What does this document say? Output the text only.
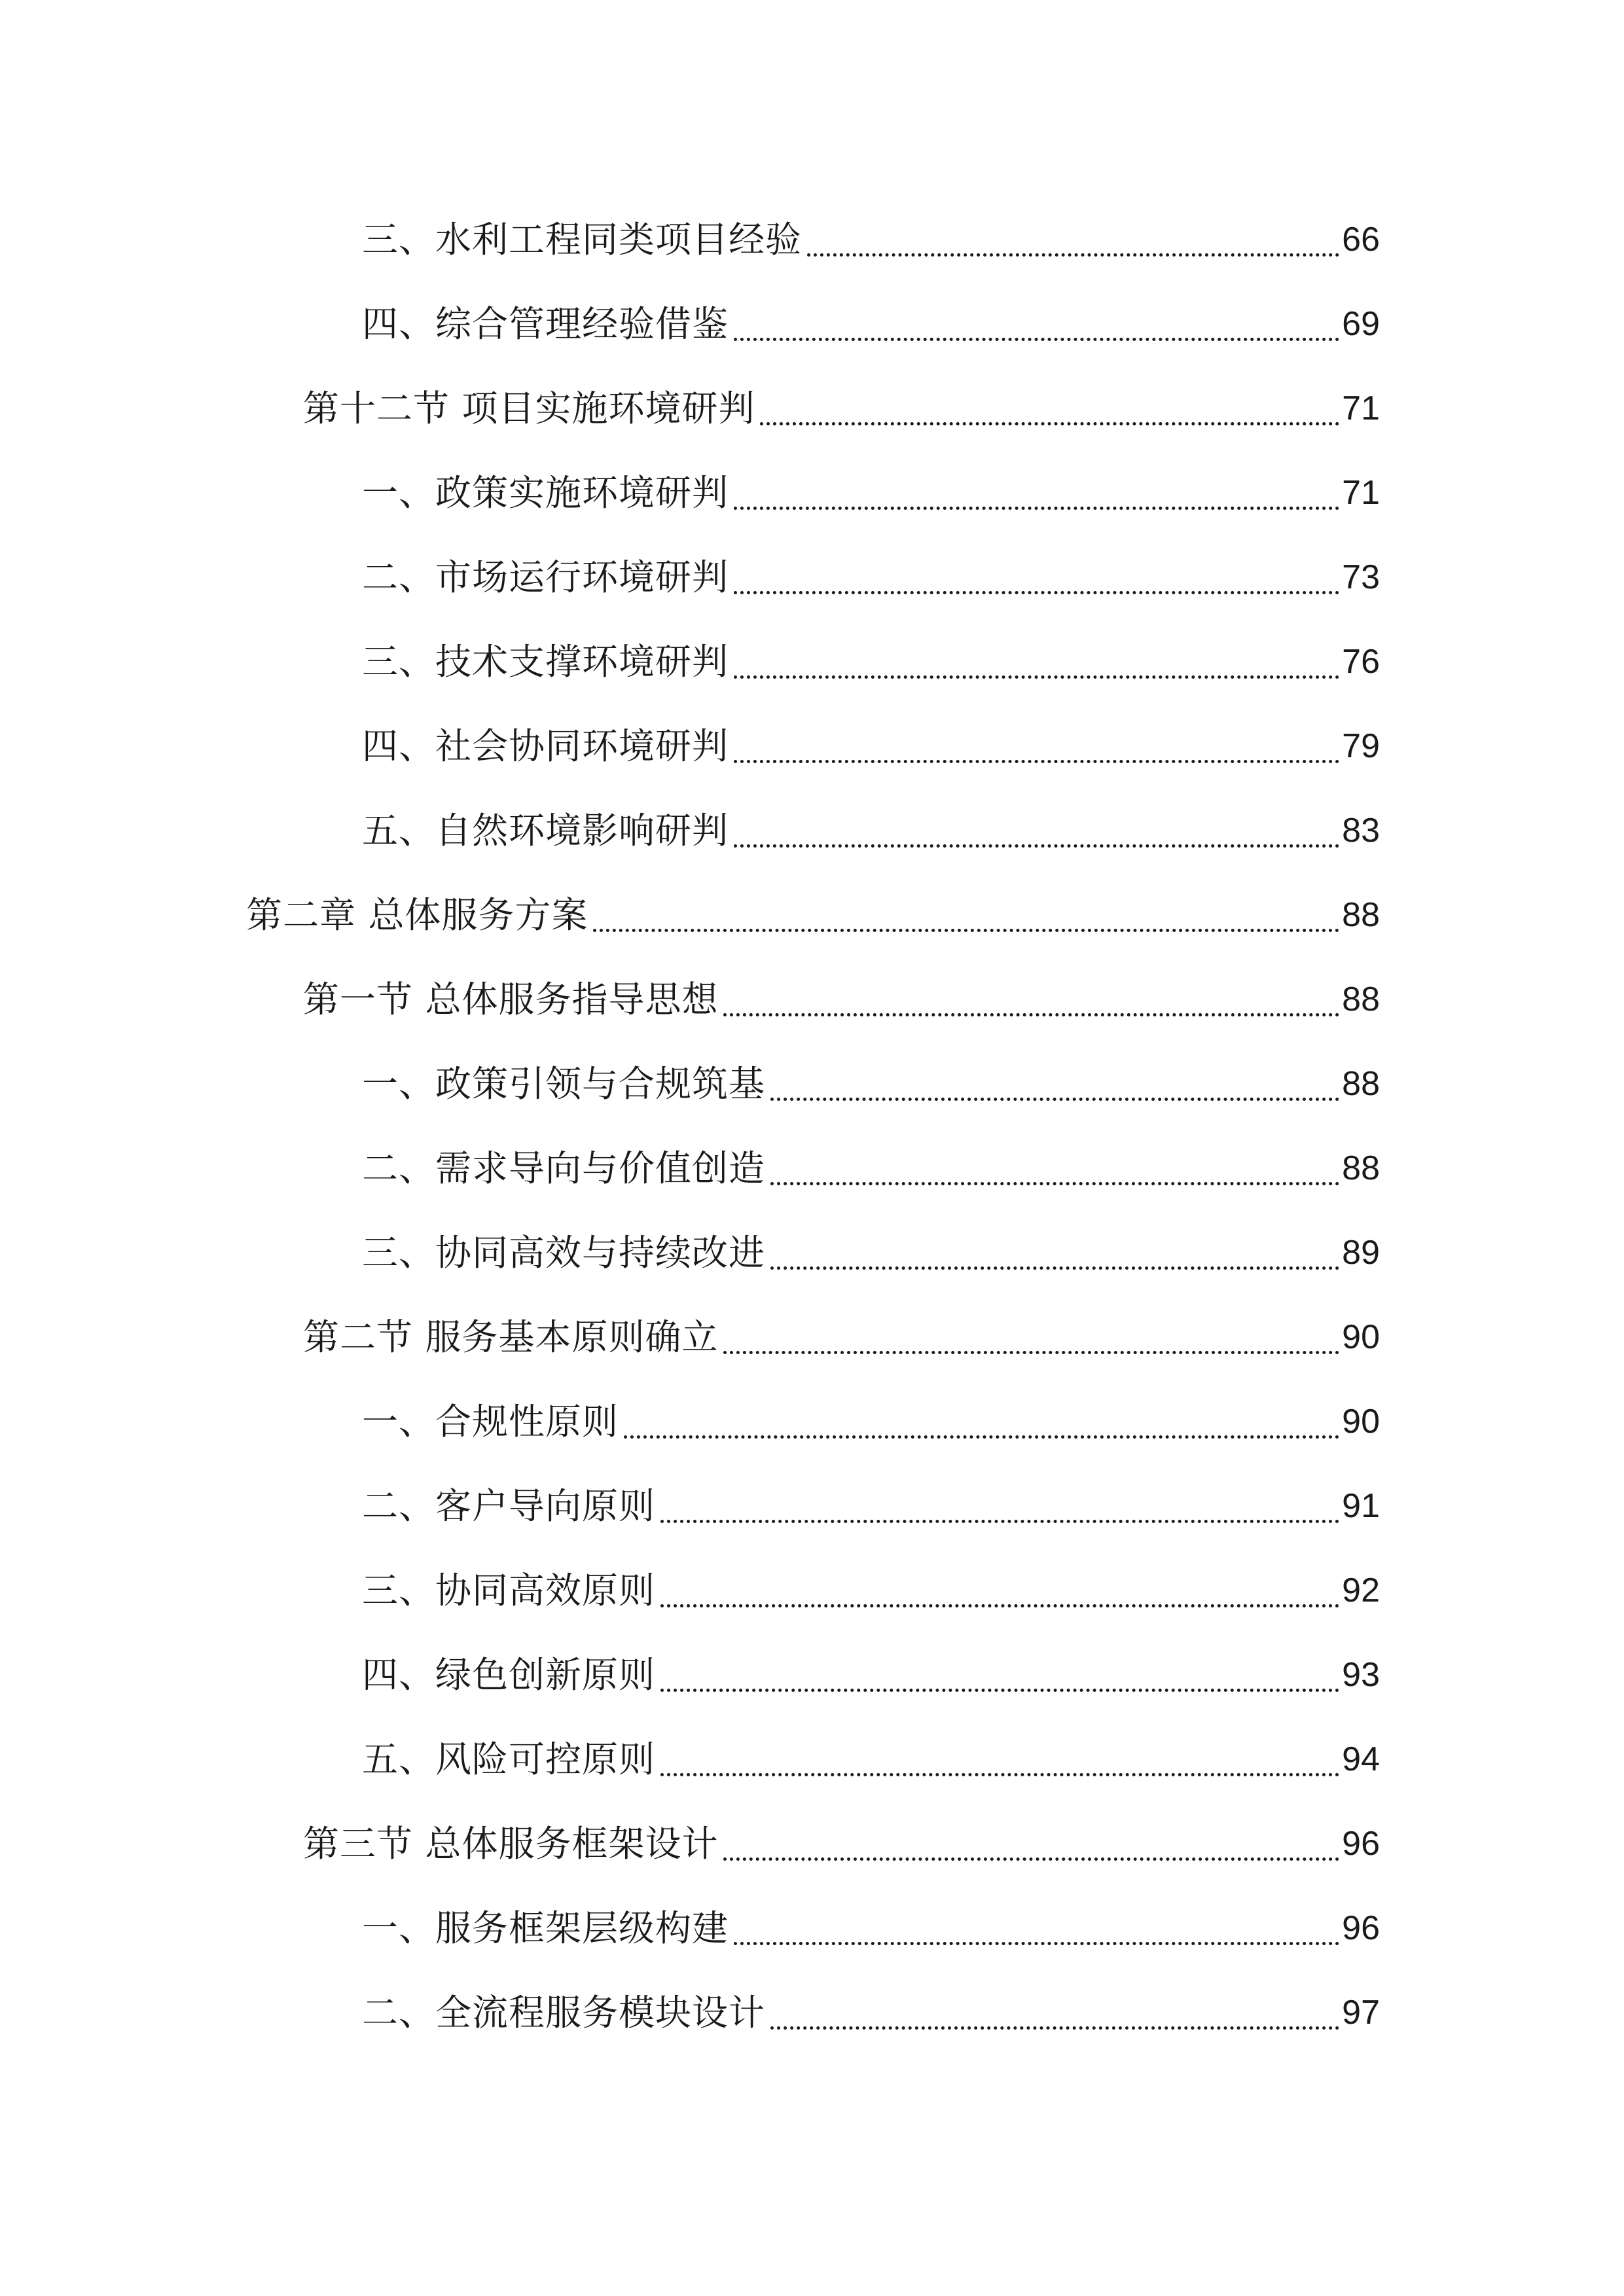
三、水利工程同类项目经验	66
四、综合管理经验借鉴	69
第十二节 项目实施环境研判	71
一、政策实施环境研判	71
二、市场运行环境研判	73
三、技术支撑环境研判	76
四、社会协同环境研判	79
五、自然环境影响研判	83
第二章 总体服务方案	88
第一节 总体服务指导思想	88
一、政策引领与合规筑基	88
二、需求导向与价值创造	88
三、协同高效与持续改进	89
第二节 服务基本原则确立	90
一、合规性原则	90
二、客户导向原则	91
三、协同高效原则	92
四、绿色创新原则	93
五、风险可控原则	94
第三节 总体服务框架设计	96
一、服务框架层级构建	96
二、全流程服务模块设计	97
